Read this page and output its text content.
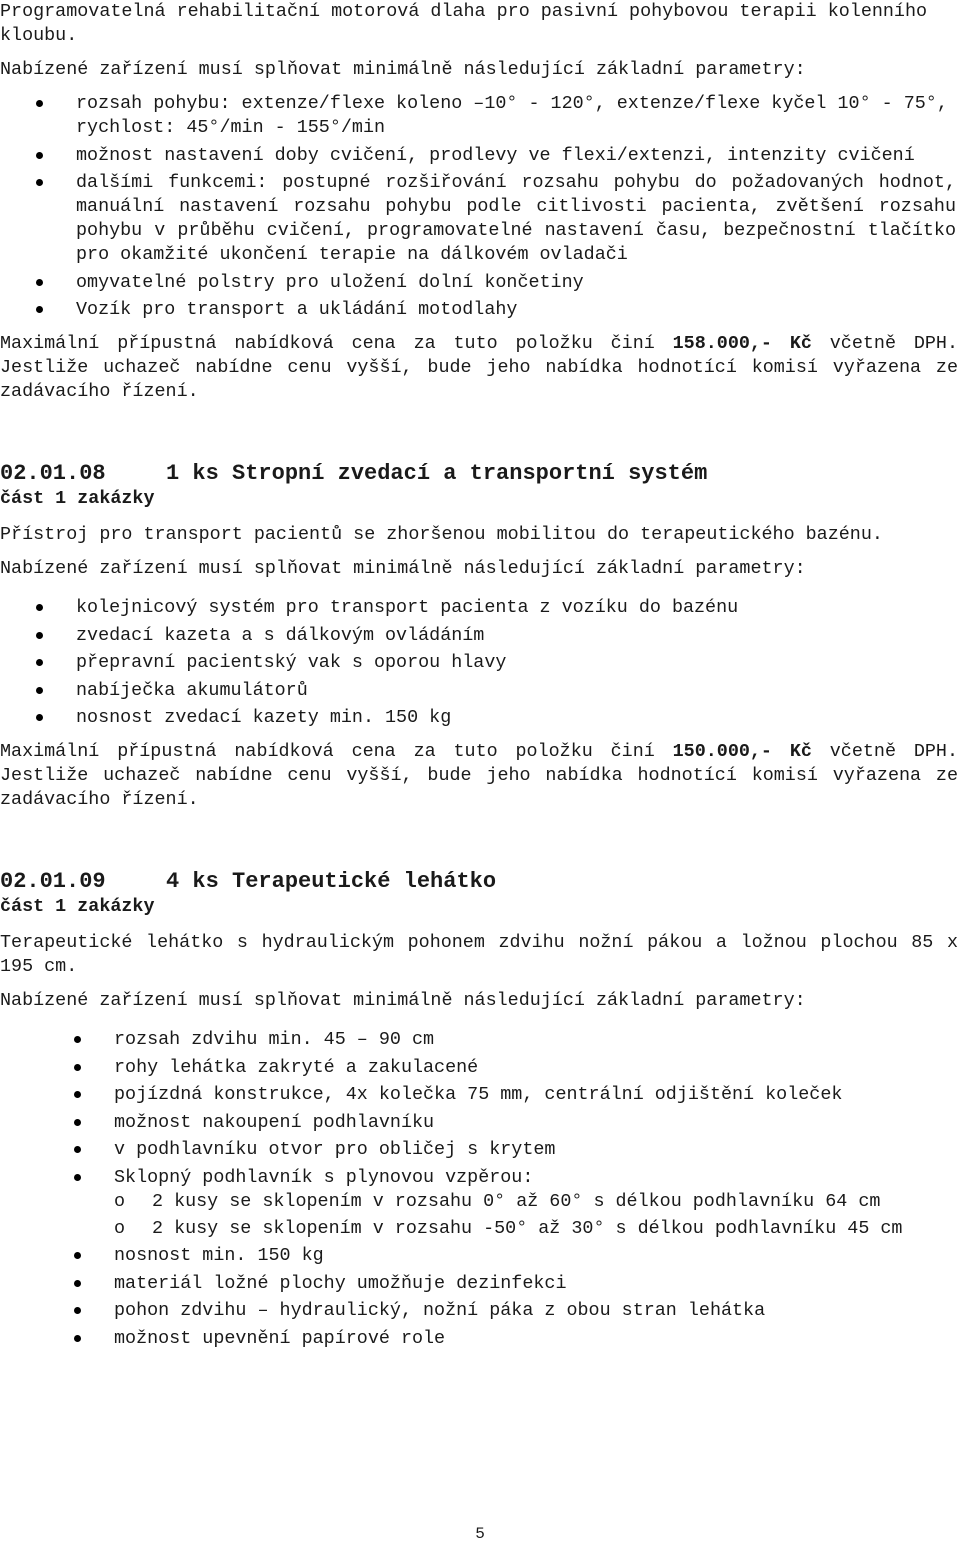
Programovatelná rehabilitační motorová dlaha pro pasivní pohybovou terapii kolenního kloubu.

Nabízené zařízení musí splňovat minimálně následující základní parametry:

rozsah pohybu: extenze/flexe koleno –10° - 120°, extenze/flexe kyčel 10° - 75°, rychlost: 45°/min - 155°/min
možnost nastavení doby cvičení, prodlevy ve flexi/extenzi, intenzity cvičení
dalšími funkcemi: postupné rozšiřování rozsahu pohybu do požadovaných hodnot, manuální nastavení rozsahu pohybu podle citlivosti pacienta, zvětšení rozsahu pohybu v průběhu cvičení, programovatelné nastavení času, bezpečnostní tlačítko pro okamžité ukončení terapie na dálkovém ovladači
omyvatelné polstry pro uložení dolní končetiny
Vozík pro transport a ukládání motodlahy

Maximální přípustná nabídková cena za tuto položku činí 158.000,- Kč včetně DPH. Jestliže uchazeč nabídne cenu vyšší, bude jeho nabídka hodnotící komisí vyřazena ze zadávacího řízení.

02.01.08	1 ks Stropní zvedací a transportní systém

část 1 zakázky

Přístroj pro transport pacientů se zhoršenou mobilitou do terapeutického bazénu.

Nabízené zařízení musí splňovat minimálně následující základní parametry:

kolejnicový systém pro transport pacienta z vozíku do bazénu
zvedací kazeta a s dálkovým ovládáním
přepravní pacientský vak s oporou hlavy
nabíječka akumulátorů
nosnost zvedací kazety min. 150 kg

Maximální přípustná nabídková cena za tuto položku činí 150.000,- Kč včetně DPH. Jestliže uchazeč nabídne cenu vyšší, bude jeho nabídka hodnotící komisí vyřazena ze zadávacího řízení.

02.01.09	4 ks Terapeutické lehátko

část 1 zakázky

Terapeutické lehátko s hydraulickým pohonem zdvihu nožní pákou a ložnou plochou 85 x 195 cm.

Nabízené zařízení musí splňovat minimálně následující základní parametry:

rozsah zdvihu min. 45 – 90 cm
rohy lehátka zakryté a zakulacené
pojízdná konstrukce, 4x kolečka 75 mm, centrální odjištění koleček
možnost nakoupení podhlavníku
v podhlavníku otvor pro obličej s krytem
Sklopný podhlavník s plynovou vzpěrou:
o 2 kusy se sklopením v rozsahu 0° až 60° s délkou podhlavníku 64 cm
o 2 kusy se sklopením v rozsahu -50° až 30° s délkou podhlavníku 45 cm
nosnost min. 150 kg
materiál ložné plochy umožňuje dezinfekci
pohon zdvihu – hydraulický, nožní páka z obou stran lehátka
možnost upevnění papírové role
5
